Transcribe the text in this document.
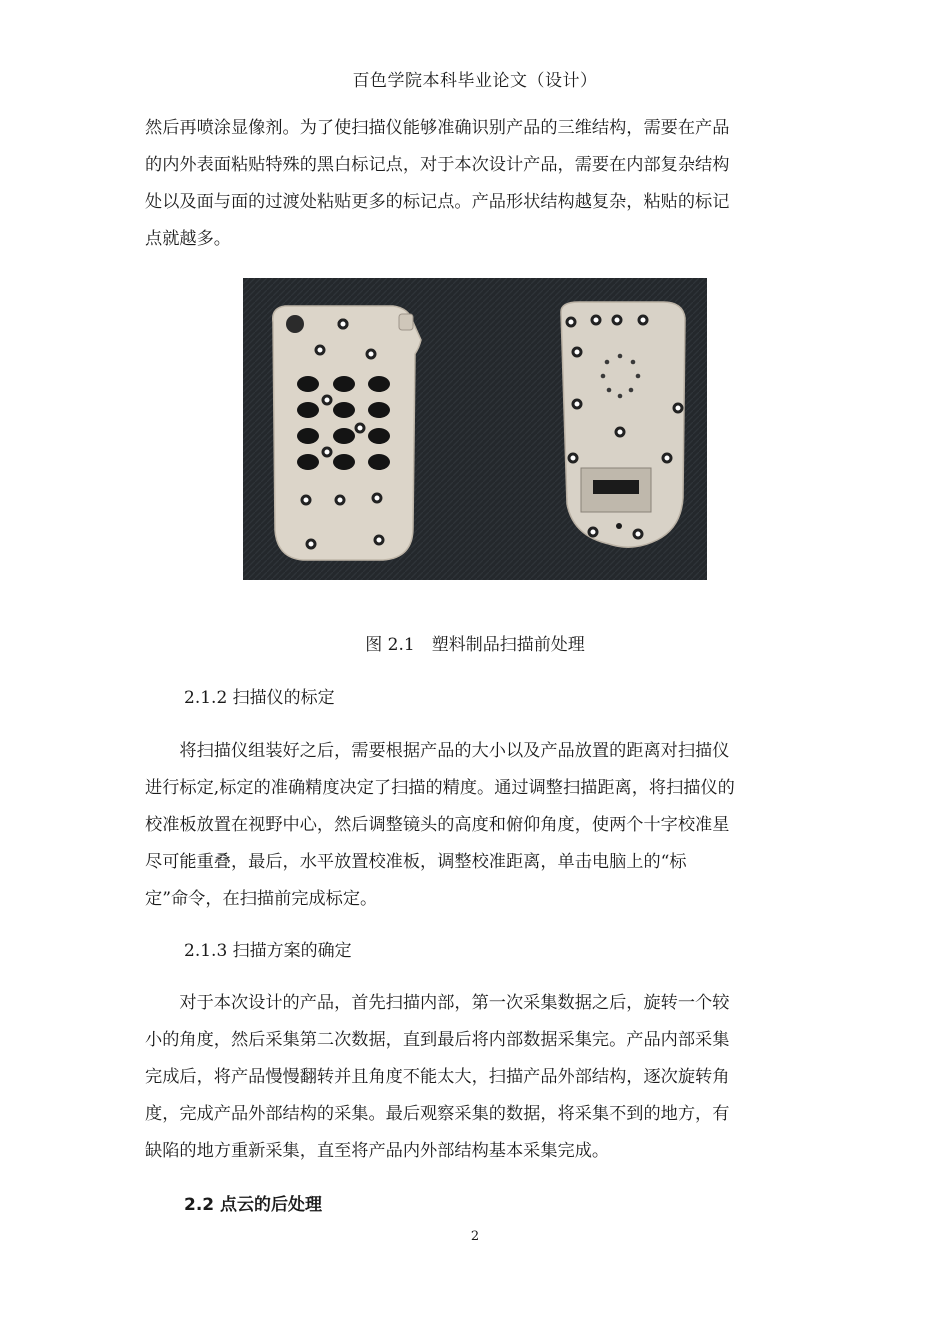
百色学院本科毕业论文（设计）
然后再喷涂显像剂。为了使扫描仪能够准确识别产品的三维结构，需要在产品
的内外表面粘贴特殊的黑白标记点，对于本次设计产品，需要在内部复杂结构
处以及面与面的过渡处粘贴更多的标记点。产品形状结构越复杂，粘贴的标记
点就越多。
图 2.1　塑料制品扫描前处理
2.1.2 扫描仪的标定
　　将扫描仪组装好之后，需要根据产品的大小以及产品放置的距离对扫描仪
进行标定,标定的准确精度决定了扫描的精度。通过调整扫描距离，将扫描仪的
校准板放置在视野中心，然后调整镜头的高度和俯仰角度，使两个十字校准星
尽可能重叠，最后，水平放置校准板，调整校准距离，单击电脑上的“标
定”命令，在扫描前完成标定。
2.1.3 扫描方案的确定
　　对于本次设计的产品，首先扫描内部，第一次采集数据之后，旋转一个较
小的角度，然后采集第二次数据，直到最后将内部数据采集完。产品内部采集
完成后，将产品慢慢翻转并且角度不能太大，扫描产品外部结构，逐次旋转角
度，完成产品外部结构的采集。最后观察采集的数据，将采集不到的地方，有
缺陷的地方重新采集，直至将产品内外部结构基本采集完成。
2.2 点云的后处理
2
